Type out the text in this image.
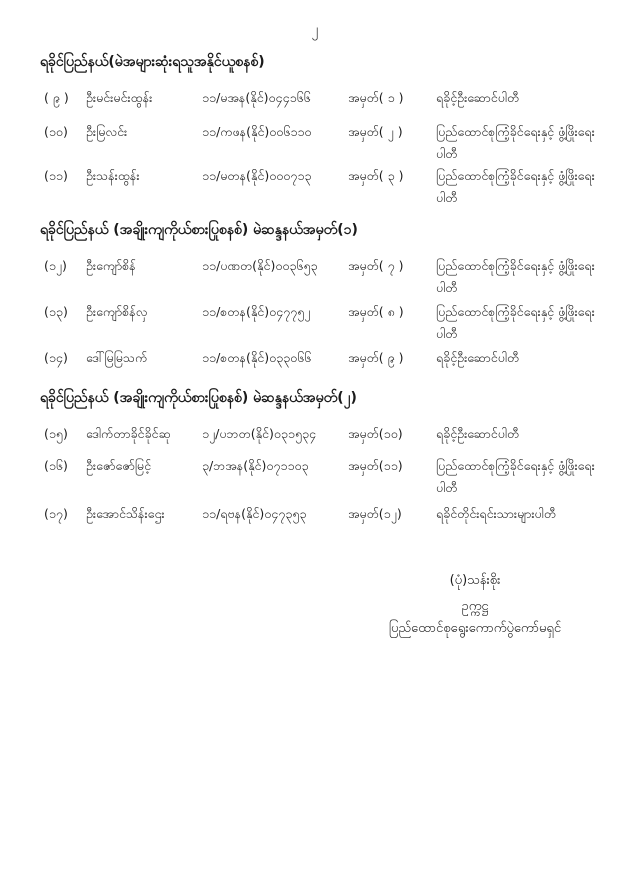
၂
ရခိုင်ပြည်နယ်(မဲအများဆုံးရသူအနိုင်ယူစနစ်)
( ၉ ) ဦးမင်းမင်းထွန်း	၁၁/မအန(နိုင်)၀၄၄၁၆၆	အမှတ်( ၁ )	ရခိုင့်ဦးဆောင်ပါတီ
(၁၀) ဦးမြလင်း	၁၁/ကဖန(နိုင်)၀၀၆၁၁၀	အမှတ်( ၂ )	ပြည်ထောင်စုကြံ့ခိုင်ရေးနှင့် ဖွံ့ဖြိုးရေးပါတီ
(၁၁) ဦးသန်းထွန်း	၁၁/မတန(နိုင်)၀၀၀၇၁၃	အမှတ်( ၃ )	ပြည်ထောင်စုကြံ့ခိုင်ရေးနှင့် ဖွံ့ဖြိုးရေးပါတီ
ရခိုင်ပြည်နယ် (အချိုးကျကိုယ်စားပြုစနစ်) မဲဆန္ဒနယ်အမှတ်(၁)
(၁၂) ဦးကျော်စိန်	၁၁/ပဏတ(နိုင်)၀၀၃၆၅၃ အမှတ်( ၇ )	ပြည်ထောင်စုကြံ့ခိုင်ရေးနှင့် ဖွံ့ဖြိုးရေးပါတီ
(၁၃) ဦးကျော်စိန်လှ	၁၁/စတန(နိုင်)၀၄၇၇၅၂	အမှတ်( ၈ )	ပြည်ထောင်စုကြံ့ခိုင်ရေးနှင့် ဖွံ့ဖြိုးရေးပါတီ
(၁၄) ဒေါ်မြမြသက်	၁၁/စတန(နိုင်)၀၃၃၀၆၆	အမှတ်( ၉ )	ရခိုင့်ဦးဆောင်ပါတီ
ရခိုင်ပြည်နယ် (အချိုးကျကိုယ်စားပြုစနစ်) မဲဆန္ဒနယ်အမှတ်(၂)
(၁၅) ဒေါက်တာခိုင်ခိုင်ဆု	၁၂/ပဘတ(နိုင်)၀၃၁၅၃၄	အမှတ်(၁၀)	ရခိုင့်ဦးဆောင်ပါတီ
(၁၆) ဦးဇော်ဇော်မြင့်	၃/ဘအန(နိုင်)၀၇၁၁၀၃	အမှတ်(၁၁)	ပြည်ထောင်စုကြံ့ခိုင်ရေးနှင့် ဖွံ့ဖြိုးရေးပါတီ
(၁၇) ဦးအောင်သိန်းဌေး	၁၁/ရဗန(နိုင်)၀၄၇၃၅၃	အမှတ်(၁၂)	ရခိုင်တိုင်းရင်းသားများပါတီ
(ပုံ)သန်းစိုး
ဥက္ကဋ္ဌ
ပြည်ထောင်စုရွေးကောက်ပွဲကော်မရှင်
